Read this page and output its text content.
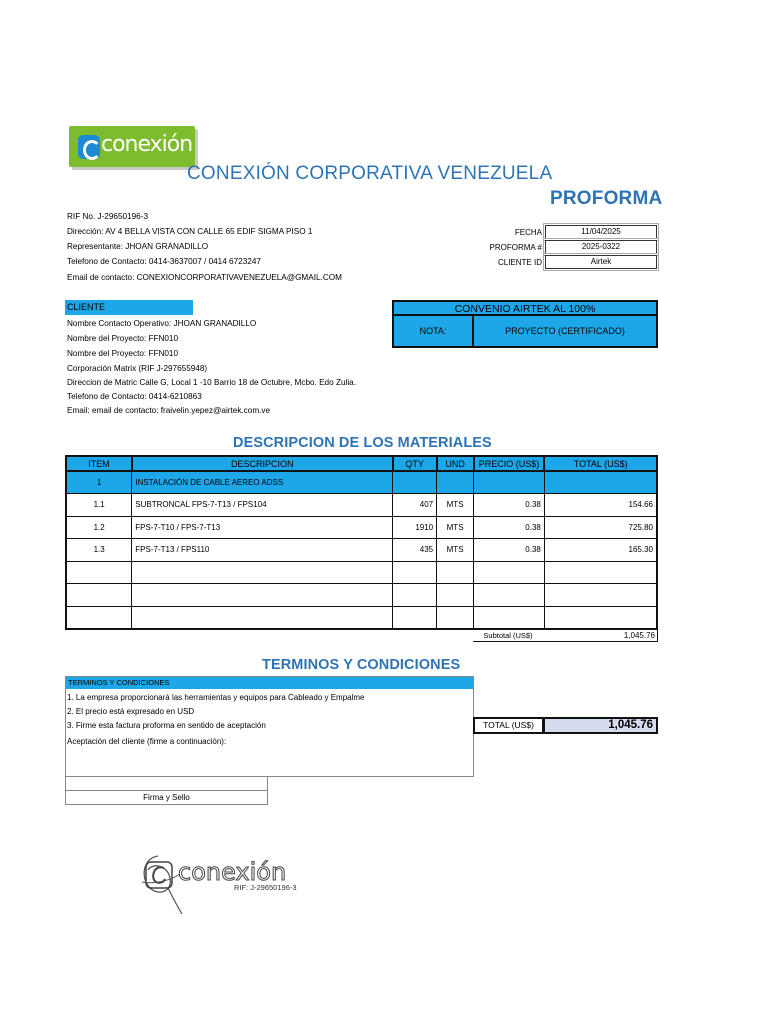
conexión
CONEXIÓN CORPORATIVA VENEZUELA
PROFORMA
RIF No. J-29650196-3
Dirección: AV 4 BELLA VISTA CON CALLE 65 EDIF SIGMA PISO 1
Representante: JHOAN GRANADILLO
Telefono de Contacto: 0414-3637007 / 0414 6723247
Email de contacto: CONEXIONCORPORATIVAVENEZUELA@GMAIL.COM
FECHA	11/04/2025
PROFORMA #	2025-0322
CLIENTE ID	Airtek
CLIENTE
Nombre Contacto Operativo: JHOAN GRANADILLO
Nombre del Proyecto: FFN010
Nombre del Proyecto: FFN010
Corporación Matrix (RIF J-297655948)
Direccion de Matric Calle G, Local 1 -10 Barrio 18 de Octubre, Mcbo. Edo Zulia.
Telefono de Contacto: 0414-6210863
Email: email de contacto: fraivelin.yepez@airtek.com.ve
CONVENIO AIRTEK AL 100%
NOTA:	PROYECTO (CERTIFICADO)
DESCRIPCION DE LOS MATERIALES
ITEM	DESCRIPCION	QTY	UND	PRECIO (US$)	TOTAL (US$)
1	INSTALACIÓN DE CABLE AEREO ADSS				
1.1	SUBTRONCAL FPS-7-T13 / FPS104	407	MTS	0.38	154.66
1.2	FPS-7-T10 / FPS-7-T13	1910	MTS	0.38	725.80
1.3	FPS-7-T13 / FPS110	435	MTS	0.38	165.30

Subtotal (US$)	1,045.76
TERMINOS Y CONDICIONES
TERMINOS Y CONDICIONES
1. La empresa proporcionará las herramientas y equipos para Cableado y Empalme
2. El precio está expresado en USD
3. Firme esta factura proforma en sentido de aceptación
Aceptación del cliente (firme a continuación):
Firma y Sello
TOTAL (US$)	1,045.76
conexión
RIF: J-29650196-3
